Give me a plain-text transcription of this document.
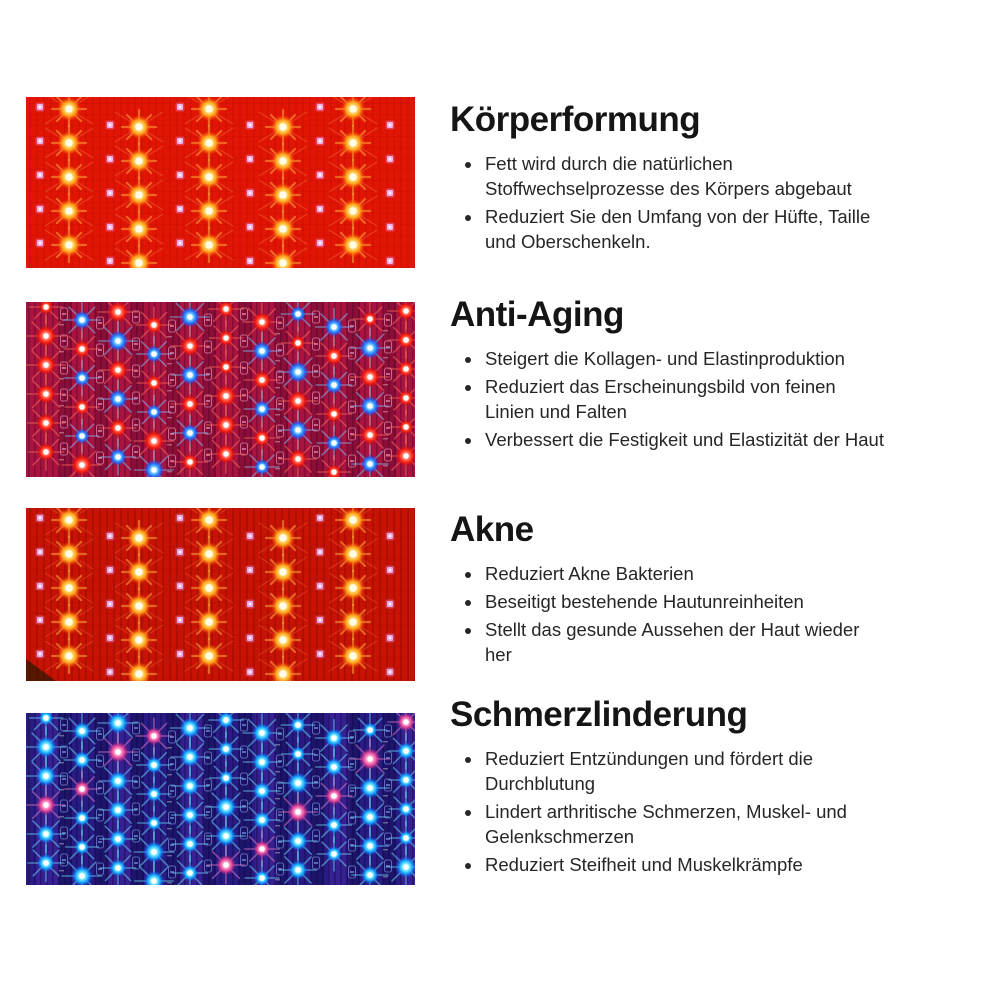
Körperformung
• Fett wird durch die natürlichen Stoffwechselprozesse des Körpers abgebaut
• Reduziert Sie den Umfang von der Hüfte, Taille und Oberschenkeln.
Anti-Aging
• Steigert die Kollagen- und Elastinproduktion
• Reduziert das Erscheinungsbild von feinen Linien und Falten
• Verbessert die Festigkeit und Elastizität der Haut
Akne
• Reduziert Akne Bakterien
• Beseitigt bestehende Hautunreinheiten
• Stellt das gesunde Aussehen der Haut wieder her
Schmerzlinderung
• Reduziert Entzündungen und fördert die Durchblutung
• Lindert arthritische Schmerzen, Muskel- und Gelenkschmerzen
• Reduziert Steifheit und Muskelkrämpfe
